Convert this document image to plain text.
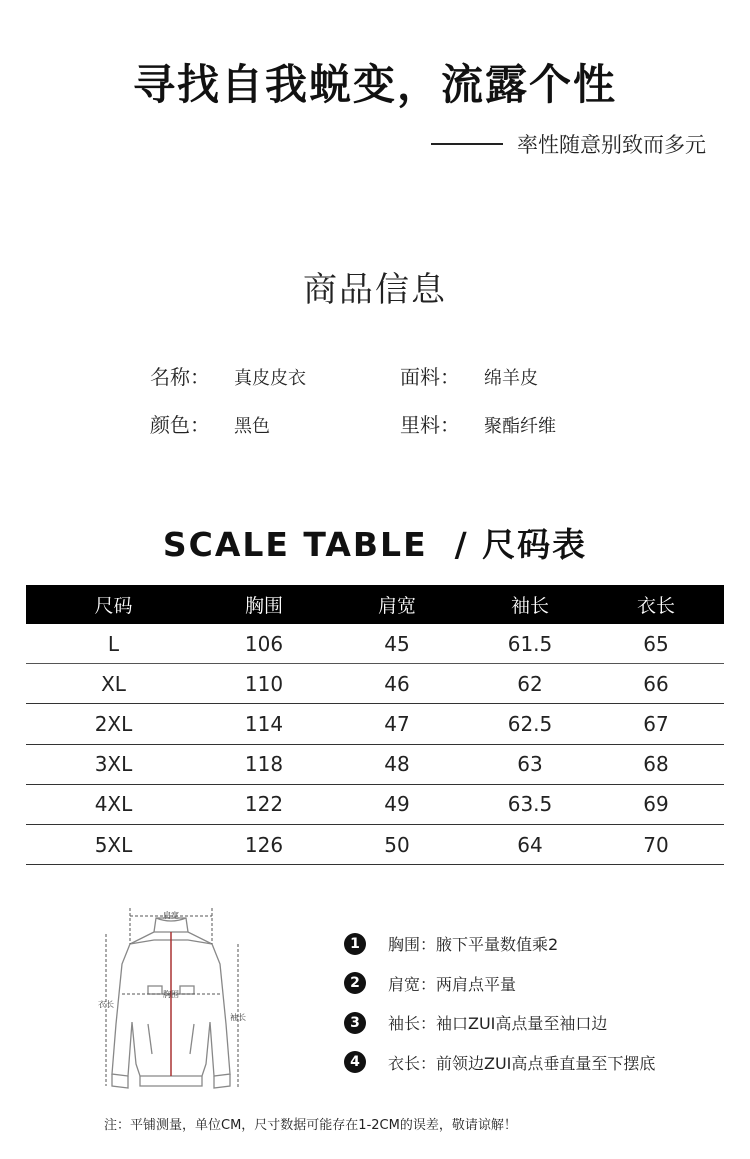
寻找自我蜕变，流露个性
率性随意别致而多元
商品信息
名称： 真皮皮衣	面料： 绵羊皮
颜色： 黑色	里料： 聚酯纤维
SCALE TABLE  / 尺码表
尺码	胸围	肩宽	袖长	衣长
L	106	45	61.5	65
XL	110	46	62	66
2XL	114	47	62.5	67
3XL	118	48	63	68
4XL	122	49	63.5	69
5XL	126	50	64	70
肩宽
胸围
衣长
袖长
1	胸围：腋下平量数值乘2
2	肩宽：两肩点平量
3	袖长：袖口ZUI高点量至袖口边
4	衣长：前领边ZUI高点垂直量至下摆底
注：平铺测量，单位CM，尺寸数据可能存在1-2CM的误差，敬请谅解！
